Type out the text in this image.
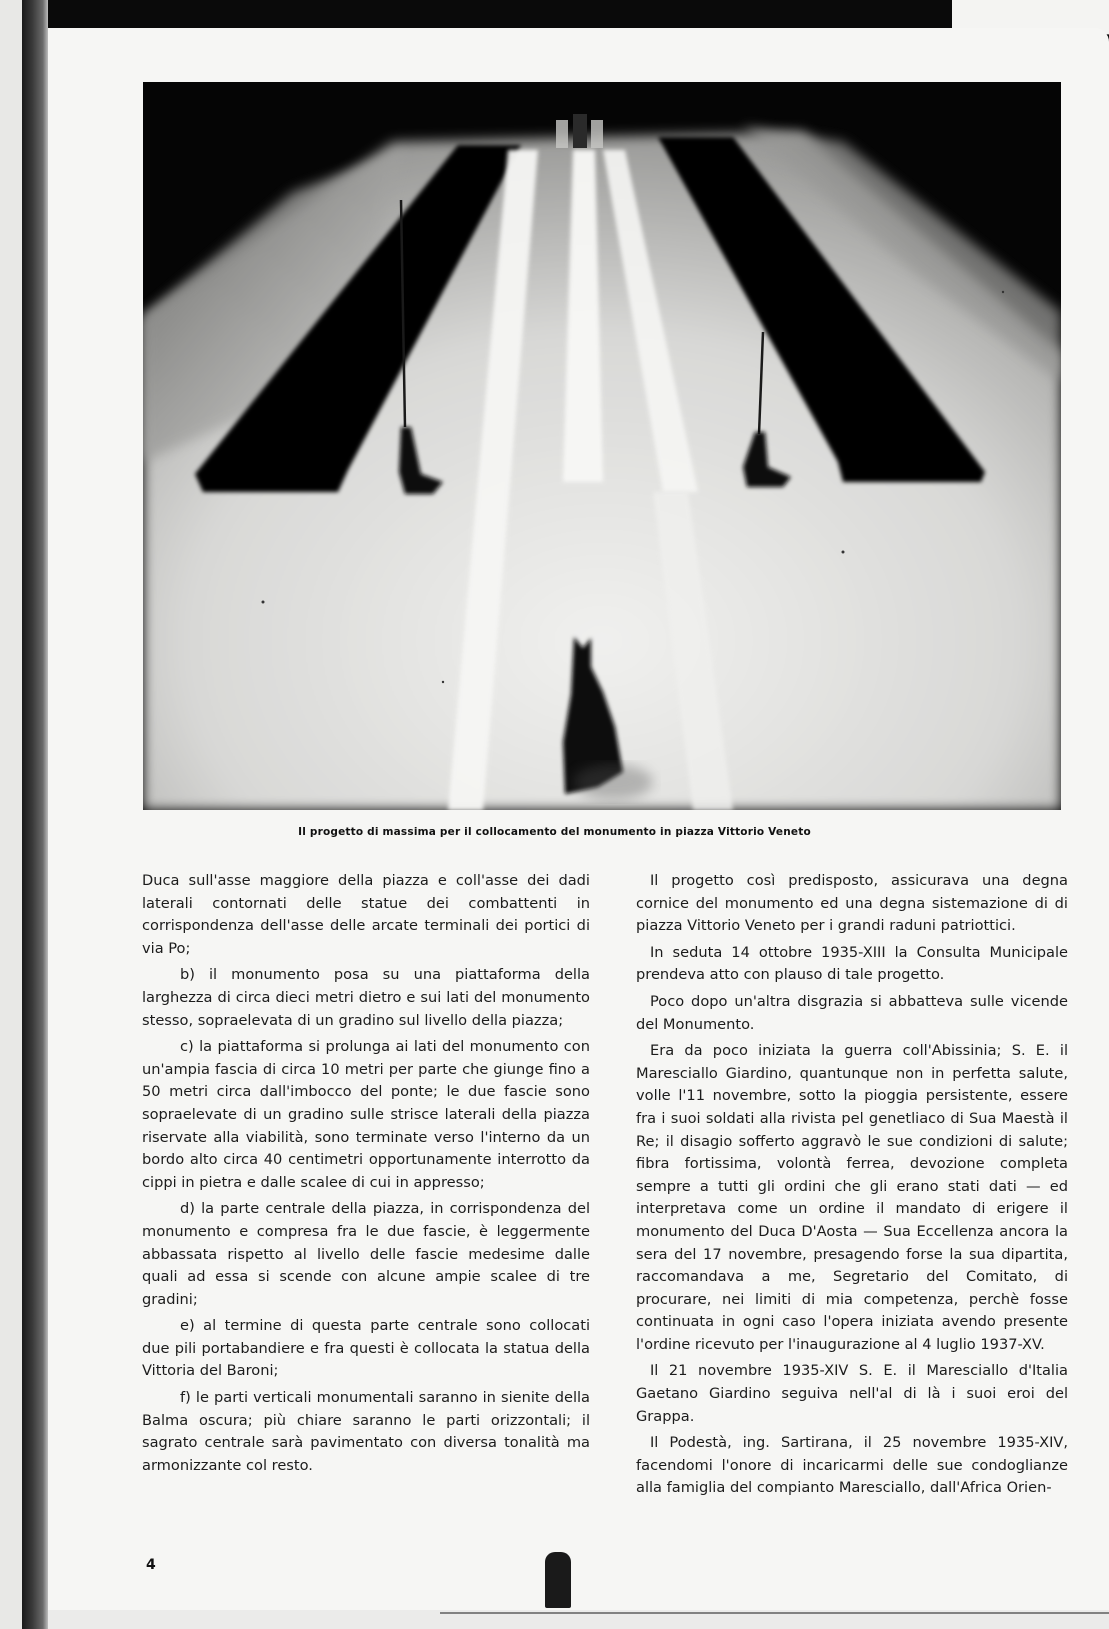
Il progetto di massima per il collocamento del monumento in piazza Vittorio Veneto

Duca sull'asse maggiore della piazza e coll'asse dei dadi laterali contornati delle statue dei combattenti in corrispondenza dell'asse delle arcate terminali dei portici di via Po;

b) il monumento posa su una piattaforma della larghezza di circa dieci metri dietro e sui lati del monumento stesso, sopraelevata di un gradino sul livello della piazza;

c) la piattaforma si prolunga ai lati del monumento con un'ampia fascia di circa 10 metri per parte che giunge fino a 50 metri circa dall'imbocco del ponte; le due fascie sono sopraelevate di un gradino sulle strisce laterali della piazza riservate alla viabilità, sono terminate verso l'interno da un bordo alto circa 40 centimetri opportunamente interrotto da cippi in pietra e dalle scalee di cui in appresso;

d) la parte centrale della piazza, in corrispondenza del monumento e compresa fra le due fascie, è leggermente abbassata rispetto al livello delle fascie medesime dalle quali ad essa si scende con alcune ampie scalee di tre gradini;

e) al termine di questa parte centrale sono collocati due pili portabandiere e fra questi è collocata la statua della Vittoria del Baroni;

f) le parti verticali monumentali saranno in sienite della Balma oscura; più chiare saranno le parti orizzontali; il sagrato centrale sarà pavimentato con diversa tonalità ma armonizzante col resto.

Il progetto così predisposto, assicurava una degna cornice del monumento ed una degna sistemazione di di piazza Vittorio Veneto per i grandi raduni patriottici.

In seduta 14 ottobre 1935-XIII la Consulta Municipale prendeva atto con plauso di tale progetto.

Poco dopo un'altra disgrazia si abbatteva sulle vicende del Monumento.

Era da poco iniziata la guerra coll'Abissinia; S. E. il Maresciallo Giardino, quantunque non in perfetta salute, volle l'11 novembre, sotto la pioggia persistente, essere fra i suoi soldati alla rivista pel genetliaco di Sua Maestà il Re; il disagio sofferto aggravò le sue condizioni di salute; fibra fortissima, volontà ferrea, devozione completa sempre a tutti gli ordini che gli erano stati dati — ed interpretava come un ordine il mandato di erigere il monumento del Duca D'Aosta — Sua Eccellenza ancora la sera del 17 novembre, presagendo forse la sua dipartita, raccomandava a me, Segretario del Comitato, di procurare, nei limiti di mia competenza, perchè fosse continuata in ogni caso l'opera iniziata avendo presente l'ordine ricevuto per l'inaugurazione al 4 luglio 1937-XV.

Il 21 novembre 1935-XIV S. E. il Maresciallo d'Italia Gaetano Giardino seguiva nell'al di là i suoi eroi del Grappa.

Il Podestà, ing. Sartirana, il 25 novembre 1935-XIV, facendomi l'onore di incaricarmi delle sue condoglianze alla famiglia del compianto Maresciallo, dall'Africa Orien-

4
